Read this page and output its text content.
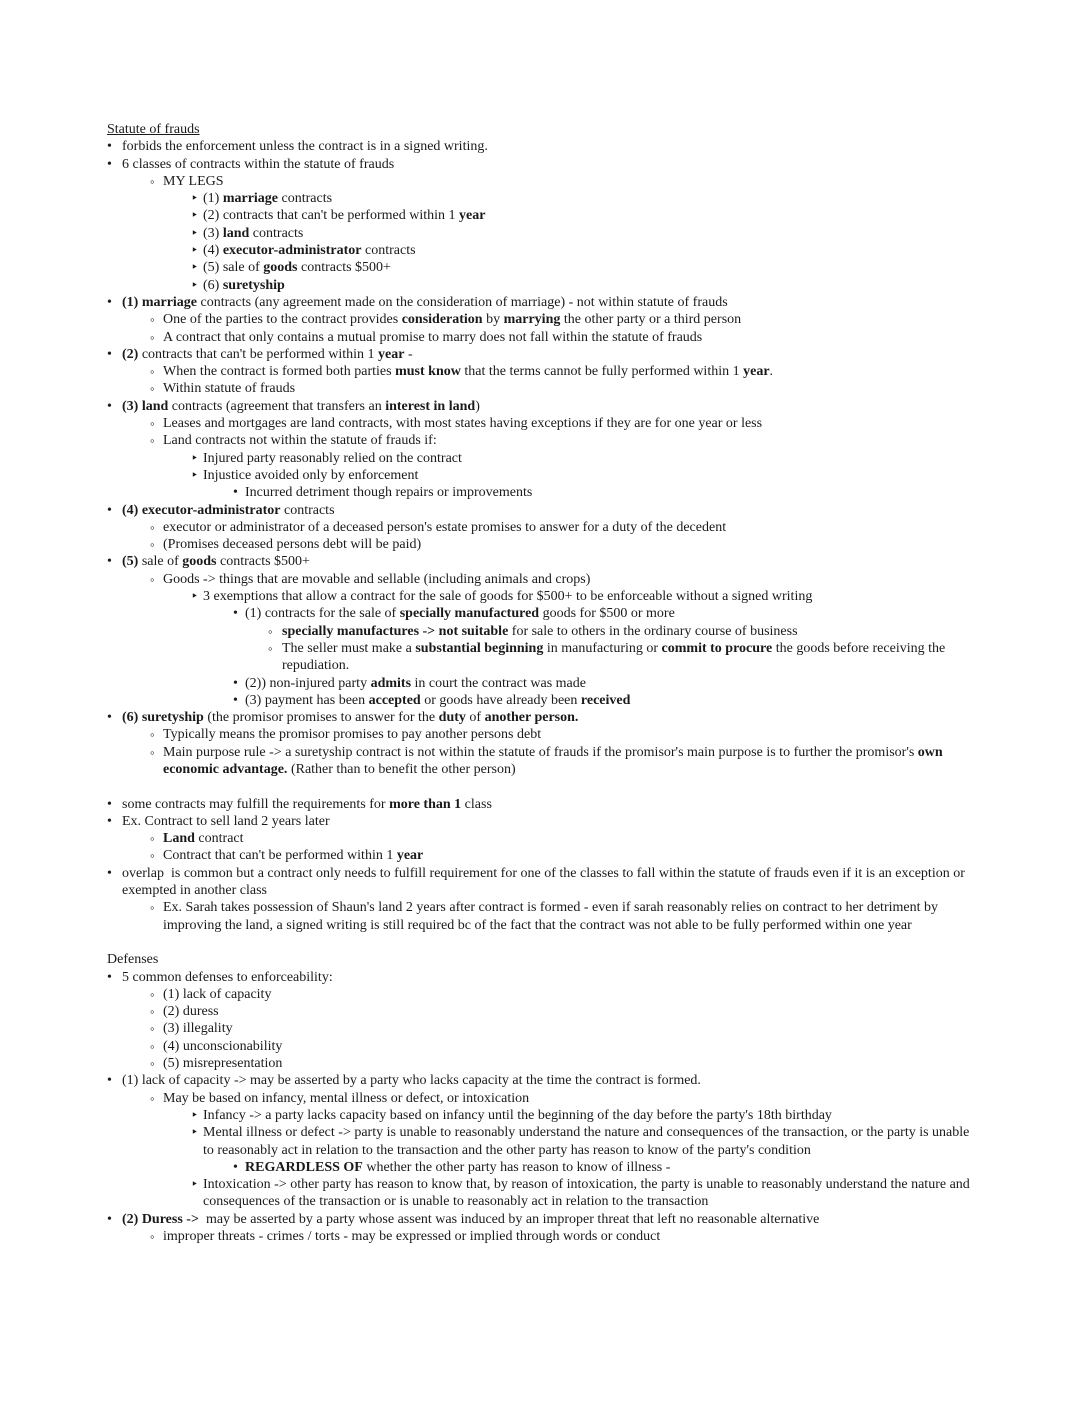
Statute of frauds
•
forbids the enforcement unless the contract is in a signed writing.
•
6 classes of contracts within the statute of frauds
◦
MY LEGS
‣
(1) marriage contracts
‣
(2) contracts that can't be performed within 1 year
‣
(3) land contracts
‣
(4) executor-administrator contracts
‣
(5) sale of goods contracts $500+
‣
(6) suretyship
•
(1) marriage contracts (any agreement made on the consideration of marriage) - not within statute of frauds
◦
One of the parties to the contract provides consideration by marrying the other party or a third person
◦
A contract that only contains a mutual promise to marry does not fall within the statute of frauds
•
(2) contracts that can't be performed within 1 year -
◦
When the contract is formed both parties must know that the terms cannot be fully performed within 1 year.
◦
Within statute of frauds
•
(3) land contracts (agreement that transfers an interest in land)
◦
Leases and mortgages are land contracts, with most states having exceptions if they are for one year or less
◦
Land contracts not within the statute of frauds if:
‣
Injured party reasonably relied on the contract
‣
Injustice avoided only by enforcement
•
Incurred detriment though repairs or improvements
•
(4) executor-administrator contracts
◦
executor or administrator of a deceased person's estate promises to answer for a duty of the decedent
◦
(Promises deceased persons debt will be paid)
•
(5) sale of goods contracts $500+
◦
Goods -> things that are movable and sellable (including animals and crops)
‣
3 exemptions that allow a contract for the sale of goods for $500+ to be enforceable without a signed writing
•
(1) contracts for the sale of specially manufactured goods for $500 or more
◦
specially manufactures -> not suitable for sale to others in the ordinary course of business
◦
The seller must make a substantial beginning in manufacturing or commit to procure the goods before receiving the repudiation.
•
(2)) non-injured party admits in court the contract was made
•
(3) payment has been accepted or goods have already been received
•
(6) suretyship (the promisor promises to answer for the duty of another person.
◦
Typically means the promisor promises to pay another persons debt
◦
Main purpose rule -> a suretyship contract is not within the statute of frauds if the promisor's main purpose is to further the promisor's own economic advantage. (Rather than to benefit the other person)
•
some contracts may fulfill the requirements for more than 1 class
•
Ex. Contract to sell land 2 years later
◦
Land contract
◦
Contract that can't be performed within 1 year
•
overlap  is common but a contract only needs to fulfill requirement for one of the classes to fall within the statute of frauds even if it is an exception or exempted in another class
◦
Ex. Sarah takes possession of Shaun's land 2 years after contract is formed - even if sarah reasonably relies on contract to her detriment by improving the land, a signed writing is still required bc of the fact that the contract was not able to be fully performed within one year
Defenses
•
5 common defenses to enforceability:
◦
(1) lack of capacity
◦
(2) duress
◦
(3) illegality
◦
(4) unconscionability
◦
(5) misrepresentation
•
(1) lack of capacity -> may be asserted by a party who lacks capacity at the time the contract is formed.
◦
May be based on infancy, mental illness or defect, or intoxication
‣
Infancy -> a party lacks capacity based on infancy until the beginning of the day before the party's 18th birthday
‣
Mental illness or defect -> party is unable to reasonably understand the nature and consequences of the transaction, or the party is unable to reasonably act in relation to the transaction and the other party has reason to know of the party's condition
•
REGARDLESS OF whether the other party has reason to know of illness -
‣
Intoxication -> other party has reason to know that, by reason of intoxication, the party is unable to reasonably understand the nature and consequences of the transaction or is unable to reasonably act in relation to the transaction
•
(2) Duress ->  may be asserted by a party whose assent was induced by an improper threat that left no reasonable alternative
◦
improper threats - crimes / torts - may be expressed or implied through words or conduct
